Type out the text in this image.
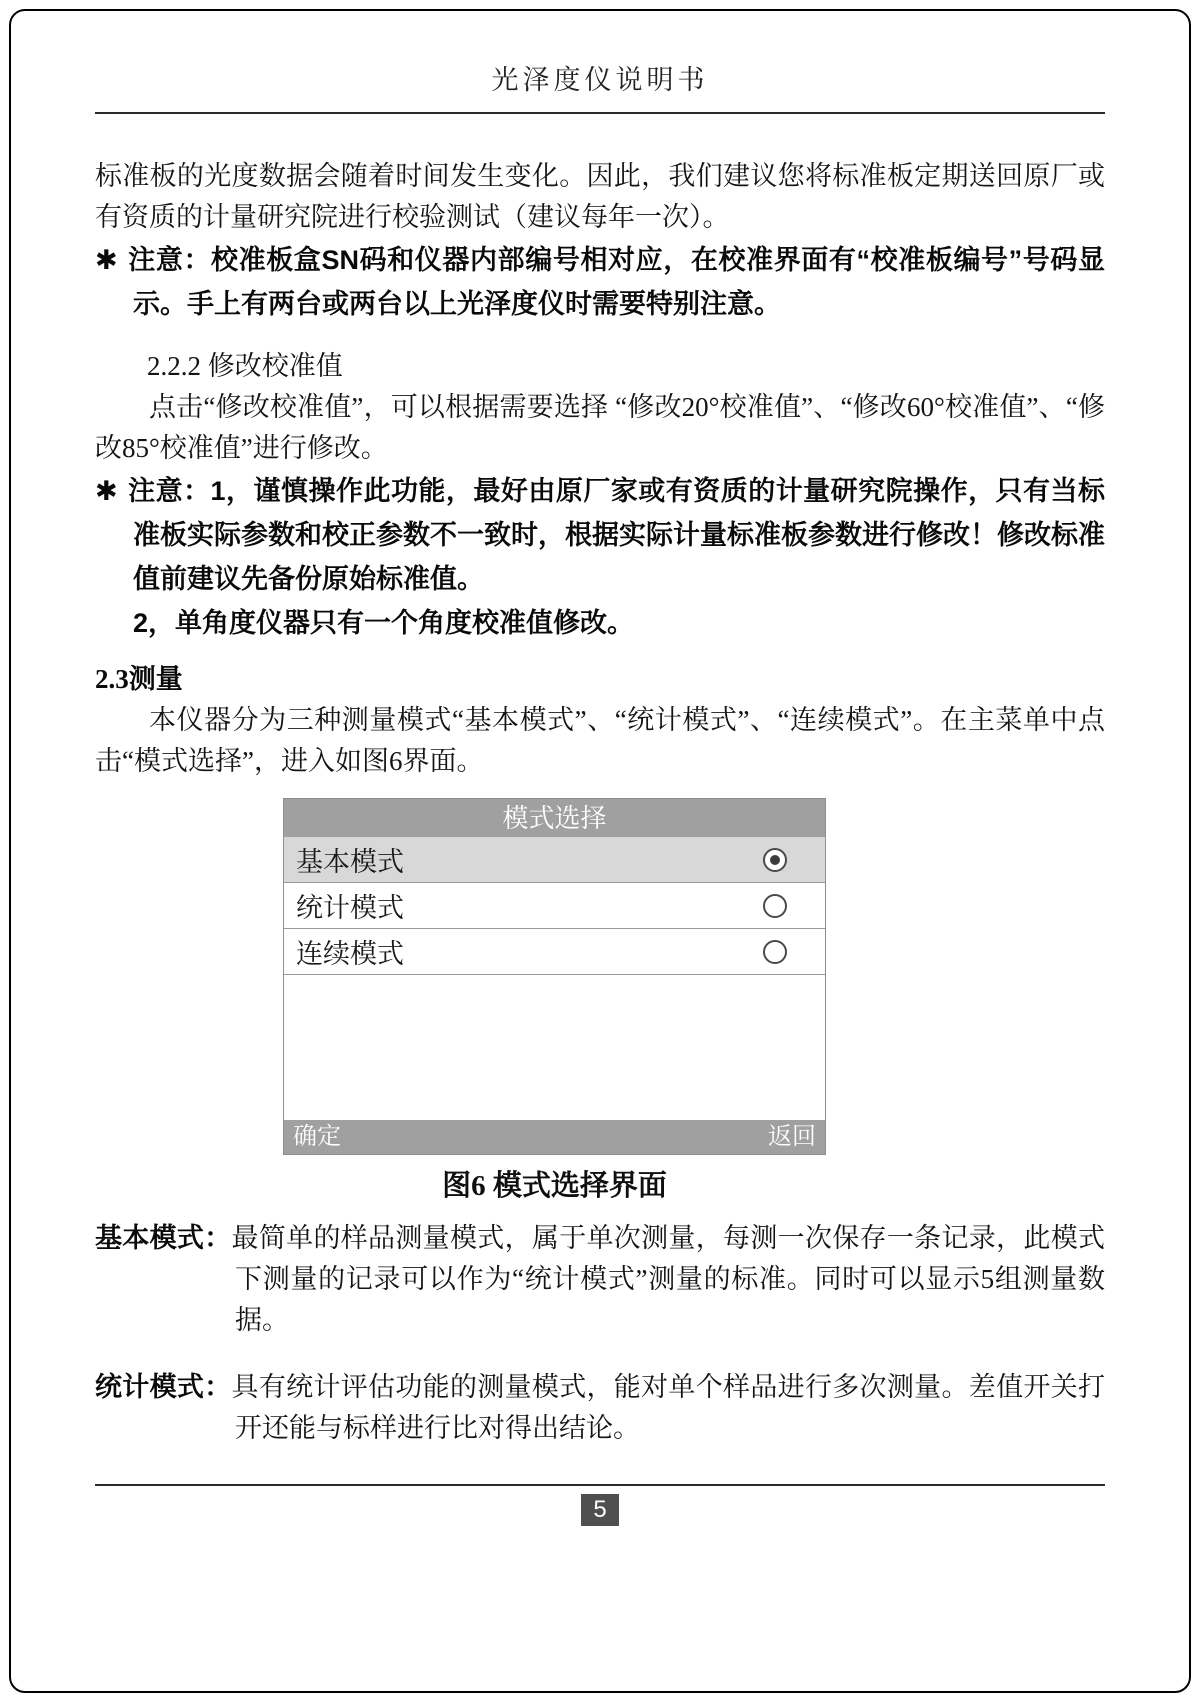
光泽度仪说明书

标准板的光度数据会随着时间发生变化。因此，我们建议您将标准板定期送回原厂或有资质的计量研究院进行校验测试（建议每年一次）。

✱ 注意：校准板盒SN码和仪器内部编号相对应，在校准界面有“校准板编号”号码显示。手上有两台或两台以上光泽度仪时需要特别注意。

2.2.2 修改校准值

点击“修改校准值”，可以根据需要选择 “修改20°校准值”、“修改60°校准值”、“修改85°校准值”进行修改。

✱ 注意：1，谨慎操作此功能，最好由原厂家或有资质的计量研究院操作，只有当标准板实际参数和校正参数不一致时，根据实际计量标准板参数进行修改！修改标准值前建议先备份原始标准值。

2，单角度仪器只有一个角度校准值修改。

2.3测量

本仪器分为三种测量模式“基本模式”、“统计模式”、“连续模式”。在主菜单中点击“模式选择”，进入如图6界面。

模式选择
基本模式
统计模式
连续模式
确定	返回
图6 模式选择界面

基本模式：最简单的样品测量模式，属于单次测量，每测一次保存一条记录，此模式下测量的记录可以作为“统计模式”测量的标准。同时可以显示5组测量数据。

统计模式：具有统计评估功能的测量模式，能对单个样品进行多次测量。差值开关打开还能与标样进行比对得出结论。

5
